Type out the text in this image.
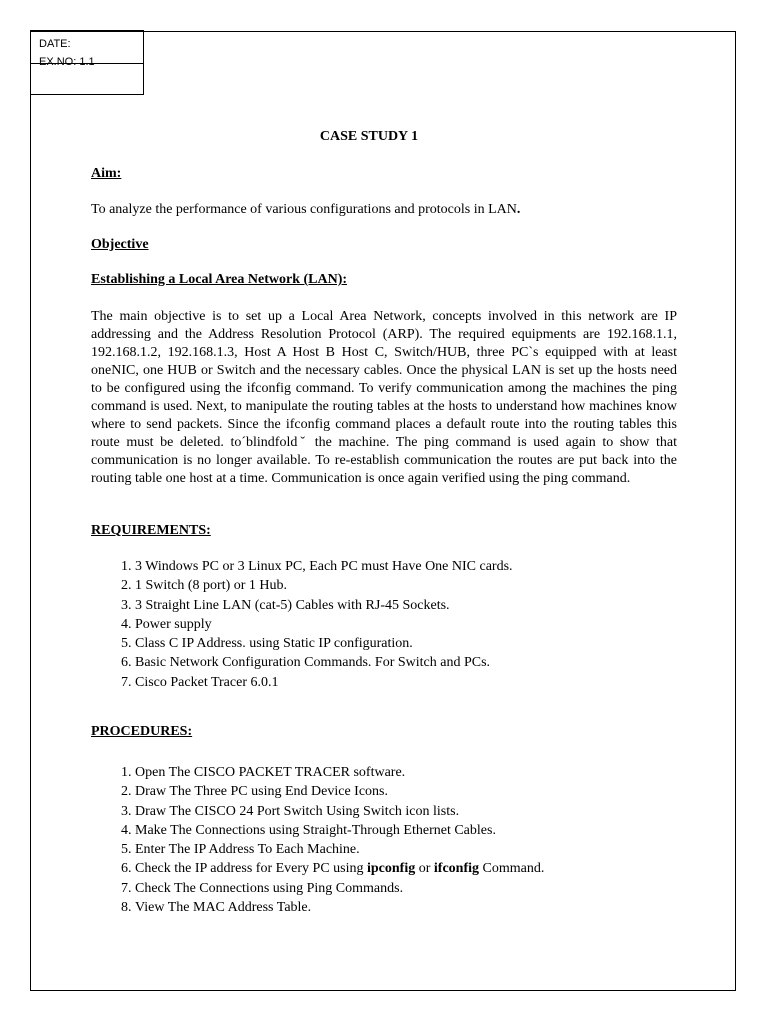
DATE:
EX.NO: 1.1
CASE STUDY 1
Aim:
To analyze the performance of various configurations and protocols in LAN.
Objective
Establishing a Local Area Network (LAN):
The main objective is to set up a Local Area Network, concepts involved in this network are IP addressing and the Address Resolution Protocol (ARP). The required equipments are 192.168.1.1, 192.168.1.2, 192.168.1.3, Host A Host B Host C, Switch/HUB, three PC`s equipped with at least oneNIC, one HUB or Switch and the necessary cables. Once the physical LAN is set up the hosts need to be configured using the ifconfig command. To verify communication among the machines the ping command is used. Next, to manipulate the routing tables at the hosts to understand how machines know where to send packets. Since the ifconfig command places a default route into the routing tables this route must be deleted. to´blindfoldˇ the machine. The ping command is used again to show that communication is no longer available. To re-establish communication the routes are put back into the routing table one host at a time. Communication is once again verified using the ping command.
REQUIREMENTS:
1. 3 Windows PC or 3 Linux PC, Each PC must Have One NIC cards.
2. 1 Switch (8 port) or 1 Hub.
3. 3 Straight Line LAN (cat-5) Cables with RJ-45 Sockets.
4. Power supply
5. Class C IP Address. using Static IP configuration.
6. Basic Network Configuration Commands. For Switch and PCs.
7. Cisco Packet Tracer 6.0.1
PROCEDURES:
1. Open The CISCO PACKET TRACER software.
2. Draw The Three PC using End Device Icons.
3. Draw The CISCO 24 Port Switch Using Switch icon lists.
4. Make The Connections using Straight-Through Ethernet Cables.
5. Enter The IP Address To Each Machine.
6. Check the IP address for Every PC using ipconfig or ifconfig Command.
7. Check The Connections using Ping Commands.
8. View The MAC Address Table.
